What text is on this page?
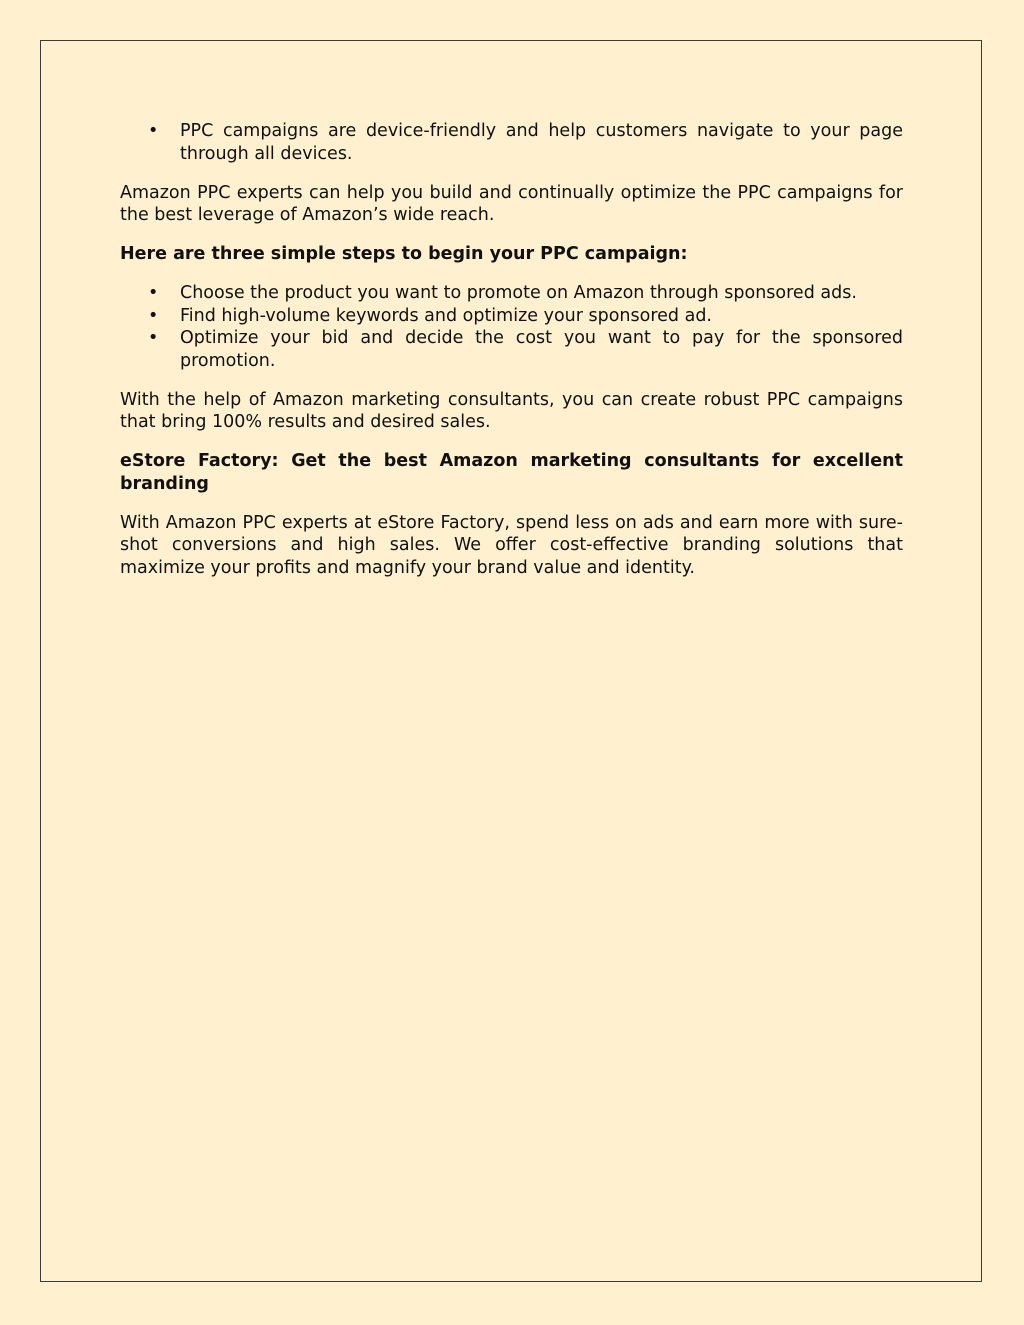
• PPC campaigns are device-friendly and help customers navigate to your page through all devices.

Amazon PPC experts can help you build and continually optimize the PPC campaigns for the best leverage of Amazon’s wide reach.

Here are three simple steps to begin your PPC campaign:

• Choose the product you want to promote on Amazon through sponsored ads.
• Find high-volume keywords and optimize your sponsored ad.
• Optimize your bid and decide the cost you want to pay for the sponsored promotion.

With the help of Amazon marketing consultants, you can create robust PPC campaigns that bring 100% results and desired sales.

eStore Factory: Get the best Amazon marketing consultants for excellent branding

With Amazon PPC experts at eStore Factory, spend less on ads and earn more with sure-shot conversions and high sales. We offer cost-effective branding solutions that maximize your profits and magnify your brand value and identity.
